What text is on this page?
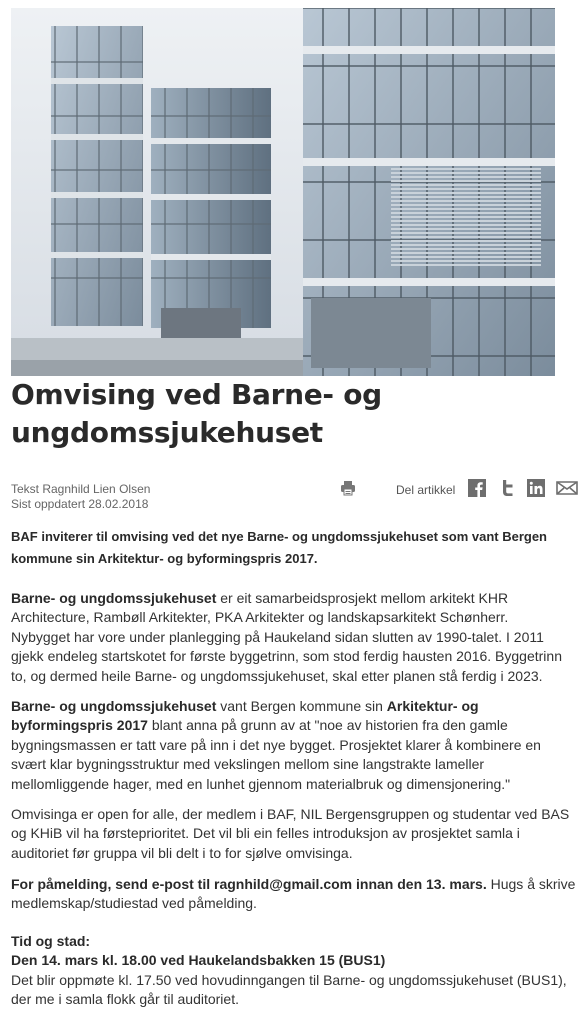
Omvising ved Barne- og
ungdomssjukehuset
Tekst Ragnhild Lien Olsen
Sist oppdatert 28.02.2018
Del artikkel
BAF inviterer til omvising ved det nye Barne- og ungdomssjukehuset som vant Bergen
kommune sin Arkitektur- og byformingspris 2017.
Barne- og ungdomssjukehuset er eit samarbeidsprosjekt mellom arkitekt KHR
Architecture, Rambøll Arkitekter, PKA Arkitekter og landskapsarkitekt Schønherr.
Nybygget har vore under planlegging på Haukeland sidan slutten av 1990-talet. I 2011
gjekk endeleg startskotet for første byggetrinn, som stod ferdig hausten 2016. Byggetrinn
to, og dermed heile Barne- og ungdomssjukehuset, skal etter planen stå ferdig i 2023.
Barne- og ungdomssjukehuset vant Bergen kommune sin Arkitektur- og
byformingspris 2017 blant anna på grunn av at "noe av historien fra den gamle
bygningsmassen er tatt vare på inn i det nye bygget. Prosjektet klarer å kombinere en
svært klar bygningsstruktur med vekslingen mellom sine langstrakte lameller
mellomliggende hager, med en lunhet gjennom materialbruk og dimensjonering."
Omvisinga er open for alle, der medlem i BAF, NIL Bergensgruppen og studentar ved BAS
og KHiB vil ha førsteprioritet. Det vil bli ein felles introduksjon av prosjektet samla i
auditoriet før gruppa vil bli delt i to for sjølve omvisinga.
For påmelding, send e-post til ragnhild@gmail.com innan den 13. mars. Hugs å skrive
medlemskap/studiestad ved påmelding.
Tid og stad:
Den 14. mars kl. 18.00 ved Haukelandsbakken 15 (BUS1)
Det blir oppmøte kl. 17.50 ved hovudinngangen til Barne- og ungdomssjukehuset (BUS1),
der me i samla flokk går til auditoriet.
